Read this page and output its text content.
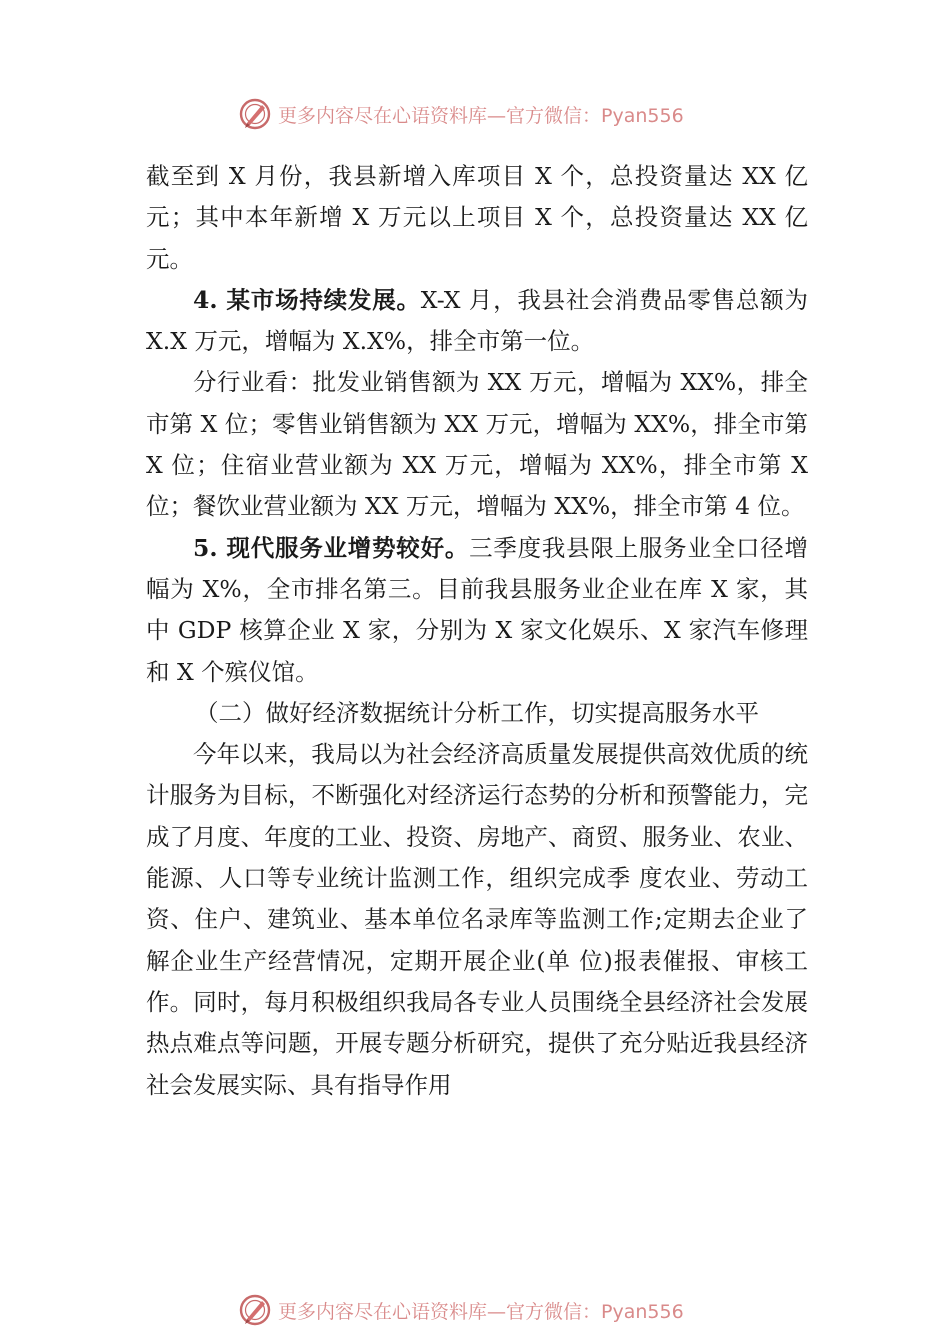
更多内容尽在心语资料库—官方微信：Pyan556

截至到 X 月份，我县新增入库项目 X 个，总投资量达 XX 亿元；其中本年新增 X 万元以上项目 X 个，总投资量达 XX 亿元。

4. 某市场持续发展。X-X 月，我县社会消费品零售总额为 X.X 万元，增幅为 X.X%，排全市第一位。

分行业看：批发业销售额为 XX 万元，增幅为 XX%，排全市第 X 位；零售业销售额为 XX 万元，增幅为 XX%，排全市第 X 位；住宿业营业额为 XX 万元，增幅为 XX%，排全市第 X 位；餐饮业营业额为 XX 万元，增幅为 XX%，排全市第 4 位。

5. 现代服务业增势较好。三季度我县限上服务业全口径增幅为 X%，全市排名第三。目前我县服务业企业在库 X 家，其中 GDP 核算企业 X 家，分别为 X 家文化娱乐、X 家汽车修理和 X 个殡仪馆。

（二）做好经济数据统计分析工作，切实提高服务水平

今年以来，我局以为社会经济高质量发展提供高效优质的统计服务为目标，不断强化对经济运行态势的分析和预警能力，完成了月度、年度的工业、投资、房地产、商贸、服务业、农业、能源、人口等专业统计监测工作，组织完成季 度农业、劳动工资、住户、建筑业、基本单位名录库等监测工作;定期去企业了解企业生产经营情况，定期开展企业(单 位)报表催报、审核工作。同时，每月积极组织我局各专业人员围绕全县经济社会发展热点难点等问题，开展专题分析研究，提供了充分贴近我县经济社会发展实际、具有指导作用

更多内容尽在心语资料库—官方微信：Pyan556
